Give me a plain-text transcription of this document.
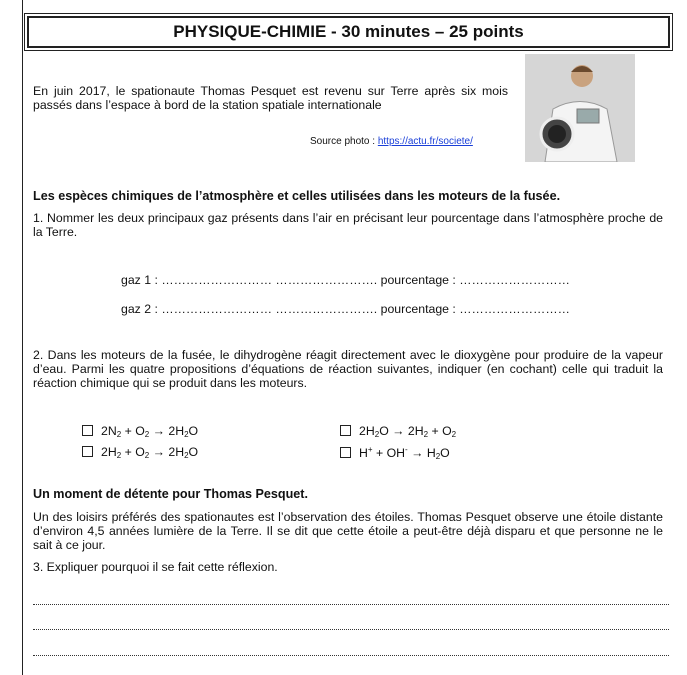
PHYSIQUE-CHIMIE - 30 minutes – 25 points
En juin 2017, le spationaute Thomas Pesquet est revenu sur Terre après six mois passés dans l’espace à bord de la station spatiale internationale
Source photo : https://actu.fr/societe/
Les espèces chimiques de l’atmosphère et celles utilisées dans les moteurs de la fusée.
1. Nommer les deux principaux gaz présents dans l’air en précisant leur pourcentage dans l’atmosphère proche de la Terre.
gaz 1 : ……………………… ……………………. pourcentage : ………………………
gaz 2 : ……………………… ……………………. pourcentage : ………………………
2. Dans les moteurs de la fusée, le dihydrogène réagit directement avec le dioxygène pour produire de la vapeur d’eau. Parmi les quatre propositions d’équations de réaction suivantes, indiquer (en cochant) celle qui traduit la réaction chimique qui se produit dans les moteurs.
$2N_2 + O_2 \to 2H_2O$
$2H_2 + O_2 \to 2H_2O$
$2H_2O \to 2H_2 + O_2$
$H^+ + OH^- \to H_2O$
Un moment de détente pour Thomas Pesquet.
Un des loisirs préférés des spationautes est l’observation des étoiles. Thomas Pesquet observe une étoile distante d’environ 4,5 années lumière de la Terre. Il se dit que cette étoile a peut-être déjà disparu et que personne ne le sait à ce jour.
3. Expliquer pourquoi il se fait cette réflexion.
